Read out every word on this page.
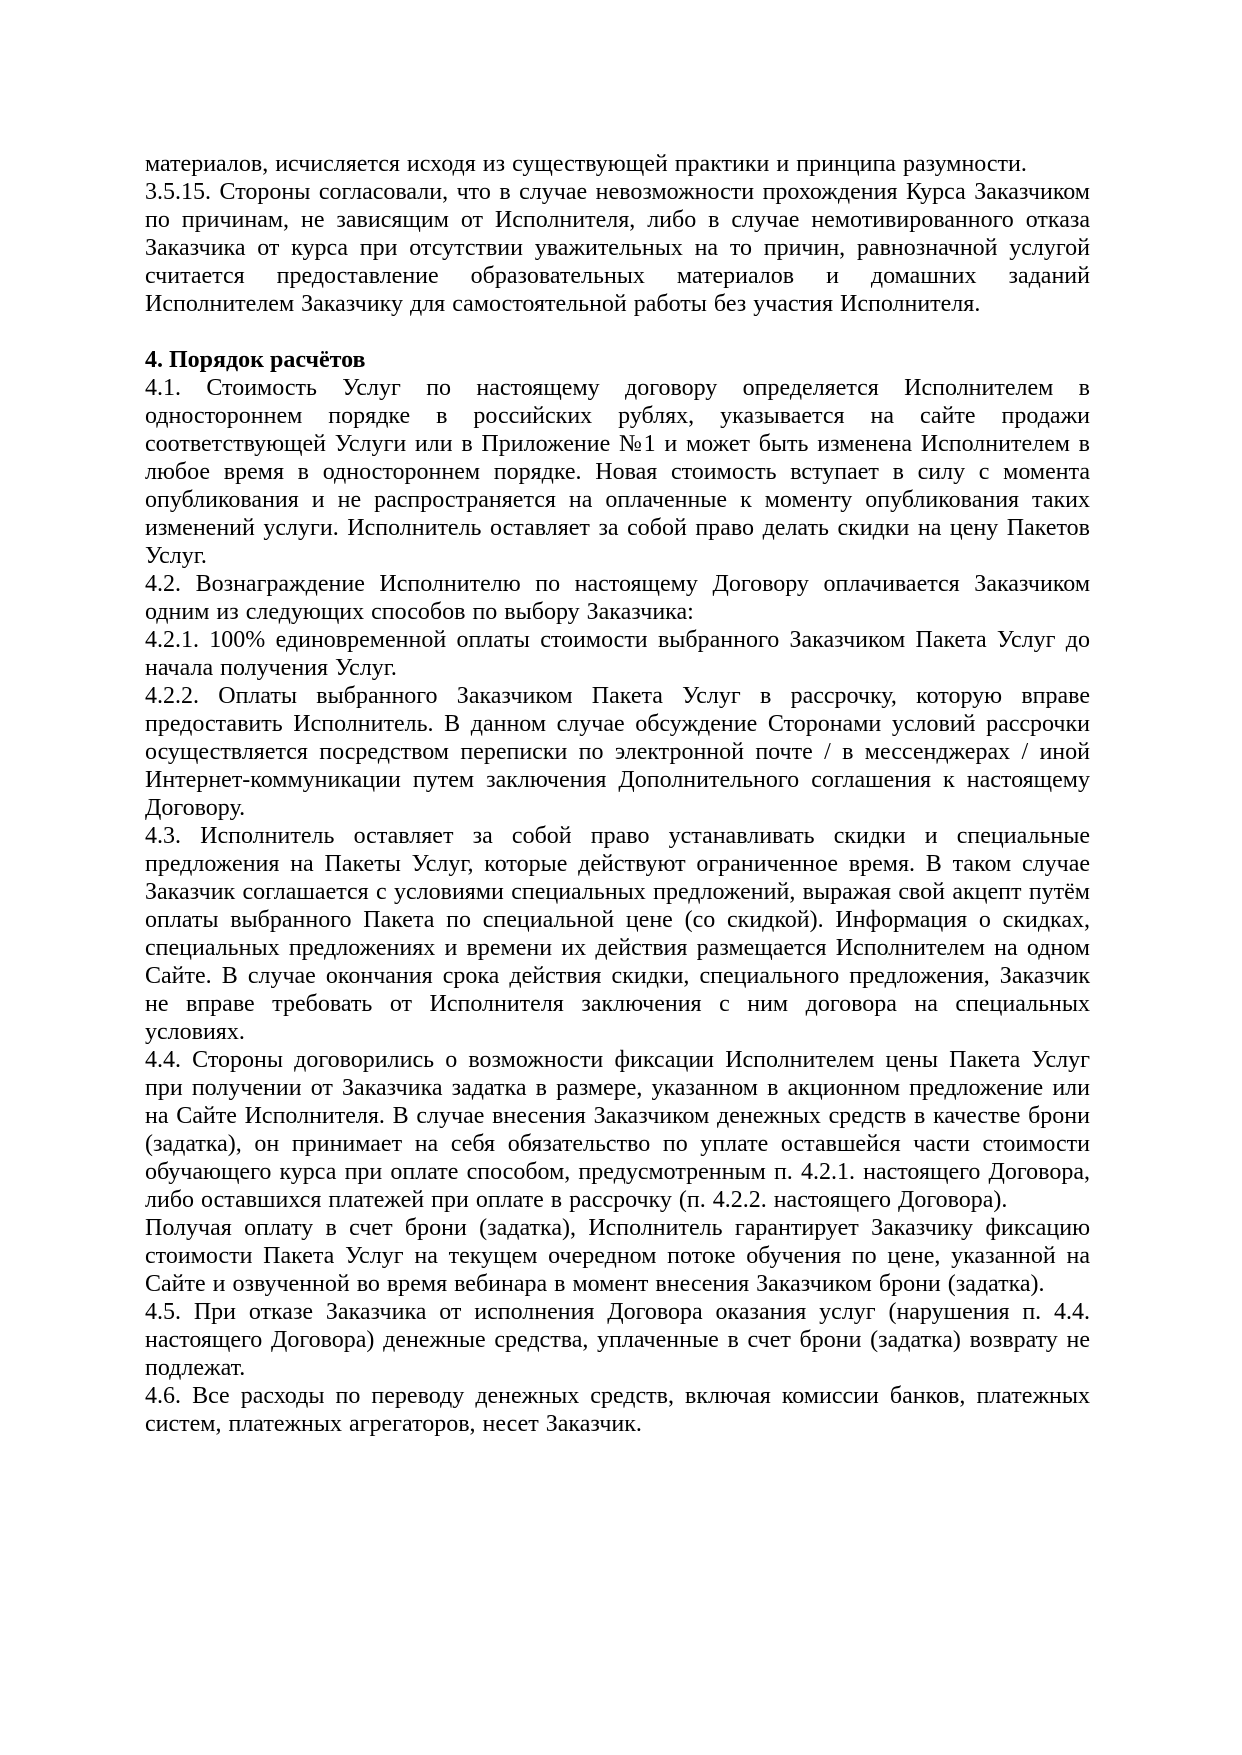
материалов, исчисляется исходя из существующей практики и принципа разумности.

3.5.15. Стороны согласовали, что в случае невозможности прохождения Курса Заказчиком по причинам, не зависящим от Исполнителя, либо в случае немотивированного отказа Заказчика от курса при отсутствии уважительных на то причин, равнозначной услугой считается предоставление образовательных материалов и домашних заданий Исполнителем Заказчику для самостоятельной работы без участия Исполнителя.

4. Порядок расчётов

4.1. Стоимость Услуг по настоящему договору определяется Исполнителем в одностороннем порядке в российских рублях, указывается на сайте продажи соответствующей Услуги или в Приложение №1 и может быть изменена Исполнителем в любое время в одностороннем порядке. Новая стоимость вступает в силу с момента опубликования и не распространяется на оплаченные к моменту опубликования таких изменений услуги. Исполнитель оставляет за собой право делать скидки на цену Пакетов Услуг.

4.2. Вознаграждение Исполнителю по настоящему Договору оплачивается Заказчиком одним из следующих способов по выбору Заказчика:

4.2.1. 100% единовременной оплаты стоимости выбранного Заказчиком Пакета Услуг до начала получения Услуг.

4.2.2. Оплаты выбранного Заказчиком Пакета Услуг в рассрочку, которую вправе предоставить Исполнитель. В данном случае обсуждение Сторонами условий рассрочки осуществляется посредством переписки по электронной почте / в мессенджерах / иной Интернет-коммуникации путем заключения Дополнительного соглашения к настоящему Договору.

4.3. Исполнитель оставляет за собой право устанавливать скидки и специальные предложения на Пакеты Услуг, которые действуют ограниченное время. В таком случае Заказчик соглашается с условиями специальных предложений, выражая свой акцепт путём оплаты выбранного Пакета по специальной цене (со скидкой). Информация о скидках, специальных предложениях и времени их действия размещается Исполнителем на одном Сайте. В случае окончания срока действия скидки, специального предложения, Заказчик не вправе требовать от Исполнителя заключения с ним договора на специальных условиях.

4.4. Стороны договорились о возможности фиксации Исполнителем цены Пакета Услуг при получении от Заказчика задатка в размере, указанном в акционном предложение или на Сайте Исполнителя. В случае внесения Заказчиком денежных средств в качестве брони (задатка), он принимает на себя обязательство по уплате оставшейся части стоимости обучающего курса при оплате способом, предусмотренным п. 4.2.1. настоящего Договора, либо оставшихся платежей при оплате в рассрочку (п. 4.2.2. настоящего Договора).

Получая оплату в счет брони (задатка), Исполнитель гарантирует Заказчику фиксацию стоимости Пакета Услуг на текущем очередном потоке обучения по цене, указанной на Сайте и озвученной во время вебинара в момент внесения Заказчиком брони (задатка).

4.5. При отказе Заказчика от исполнения Договора оказания услуг (нарушения п. 4.4. настоящего Договора) денежные средства, уплаченные в счет брони (задатка) возврату не подлежат.

4.6. Все расходы по переводу денежных средств, включая комиссии банков, платежных систем, платежных агрегаторов, несет Заказчик.
